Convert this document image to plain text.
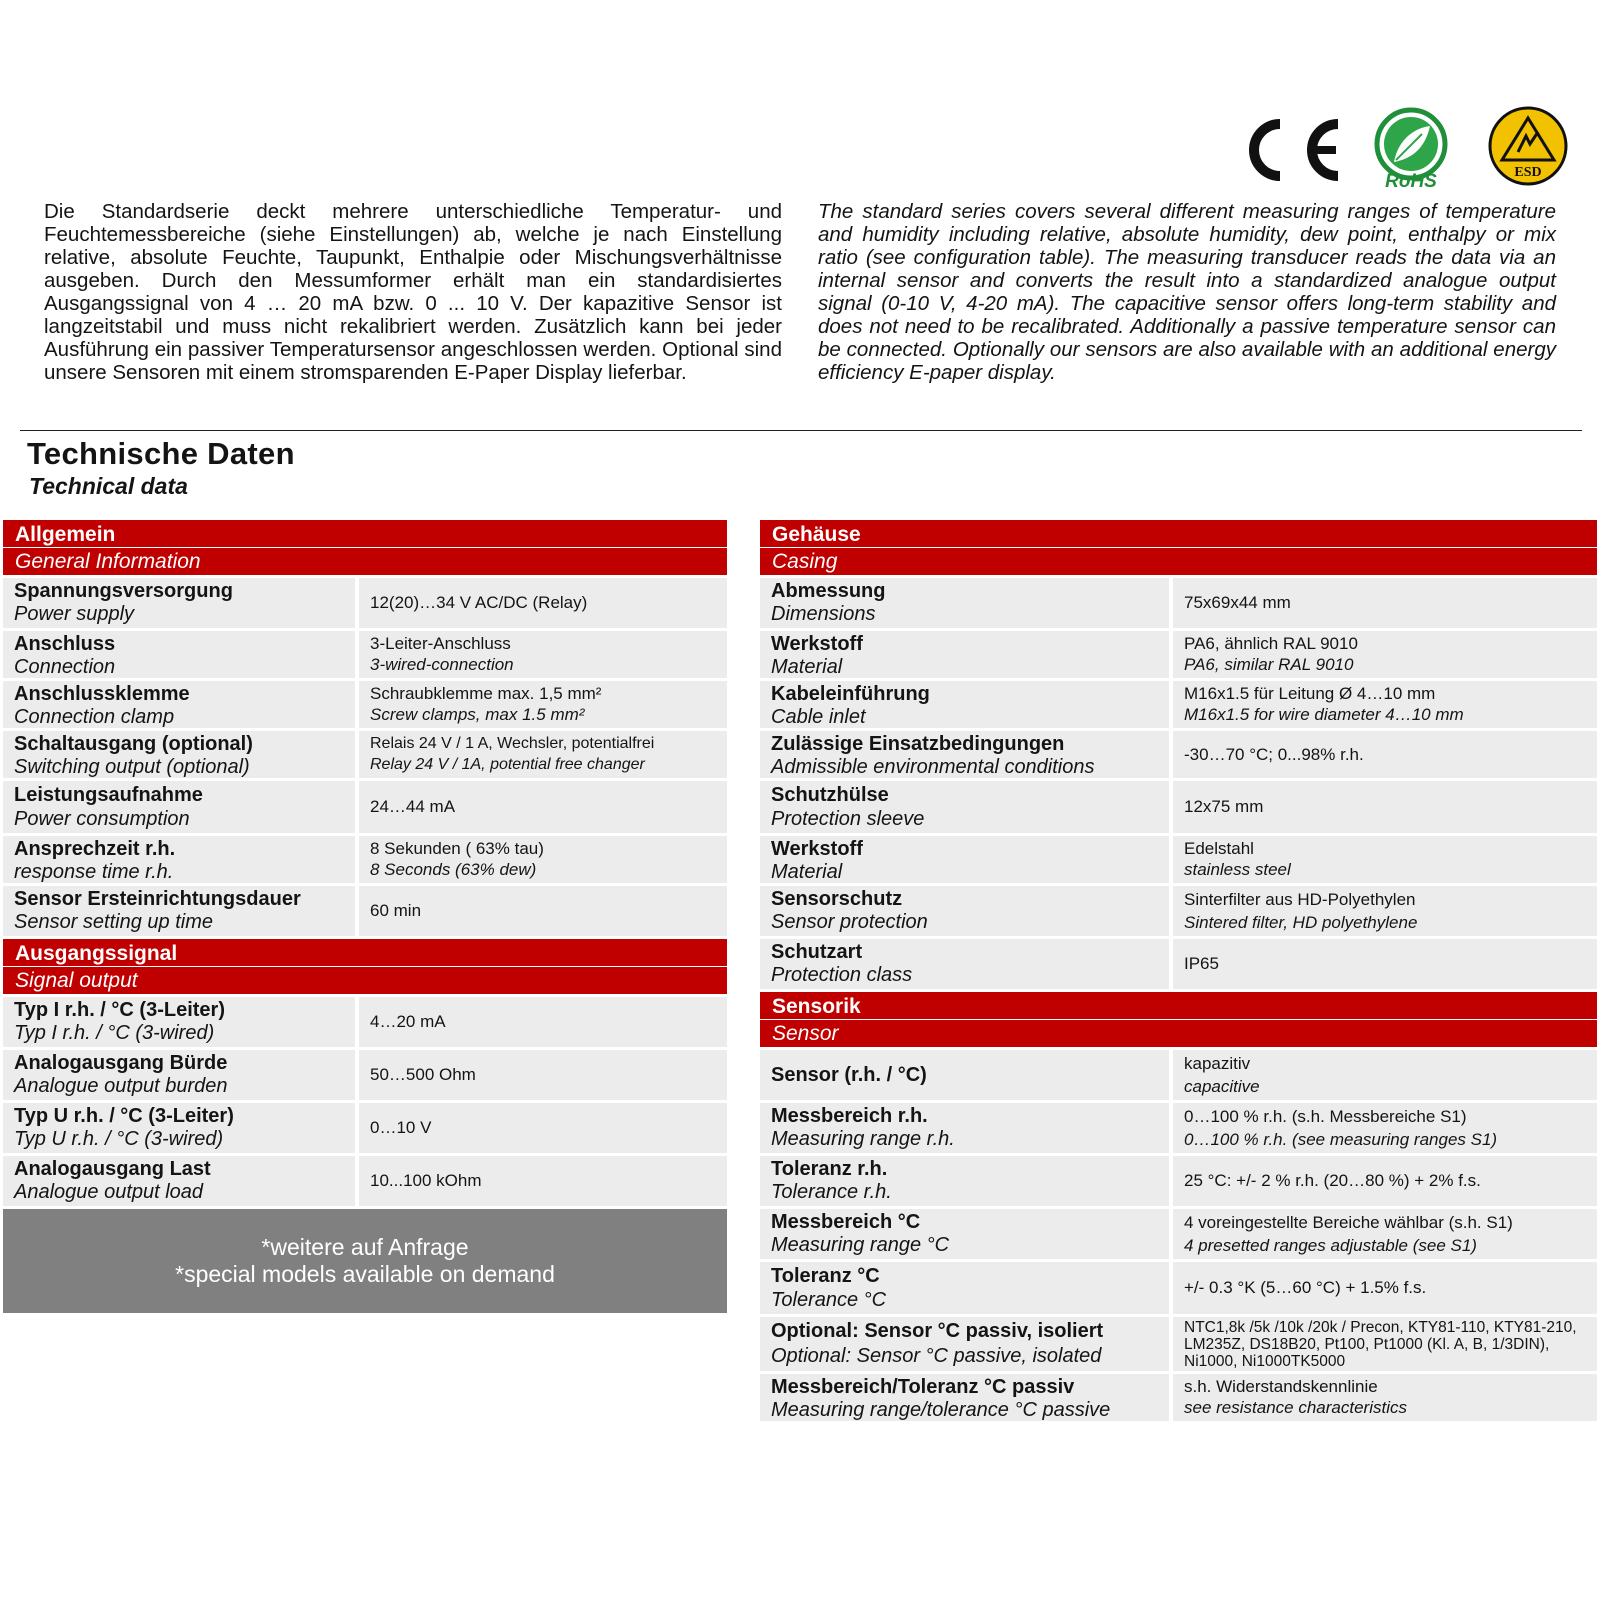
RoHS	ESD
Die Standardserie deckt mehrere unterschiedliche Temperatur- und Feuchtemessbereiche (siehe Einstellungen) ab, welche je nach Einstellung relative, absolute Feuchte, Taupunkt, Enthalpie oder Mischungsverhältnisse ausgeben. Durch den Messumformer erhält man ein standardisiertes Ausgangssignal von 4 … 20 mA bzw. 0 ... 10 V. Der kapazitive Sensor ist langzeitstabil und muss nicht rekalibriert werden. Zusätzlich kann bei jeder Ausführung ein passiver Temperatursensor angeschlossen werden. Optional sind unsere Sensoren mit einem stromsparenden E-Paper Display lieferbar.
The standard series covers several different measuring ranges of temperature and humidity including relative, absolute humidity, dew point, enthalpy or mix ratio (see configuration table). The measuring transducer reads the data via an internal sensor and converts the result into a standardized analogue output signal (0-10 V, 4-20 mA). The capacitive sensor offers long-term stability and does not need to be recalibrated. Additionally a passive temperature sensor can be connected. Optionally our sensors are also available with an additional energy efficiency E-paper display.
Technische Daten
Technical data
Allgemein
General Information
Spannungsversorgung
Power supply
12(20)…34 V AC/DC (Relay)
Anschluss
Connection
3-Leiter-Anschluss
3-wired-connection
Anschlussklemme
Connection clamp
Schraubklemme max. 1,5 mm²
Screw clamps, max 1.5 mm²
Schaltausgang (optional)
Switching output (optional)
Relais 24 V / 1 A, Wechsler, potentialfrei
Relay 24 V / 1A, potential free changer
Leistungsaufnahme
Power consumption
24…44 mA
Ansprechzeit r.h.
response time r.h.
8 Sekunden ( 63% tau)
8 Seconds (63% dew)
Sensor Ersteinrichtungsdauer
Sensor setting up time
60 min
Ausgangssignal
Signal output
Typ I r.h. / °C (3-Leiter)
Typ I r.h. / °C (3-wired)
4…20 mA
Analogausgang Bürde
Analogue output burden
50…500 Ohm
Typ U r.h. / °C (3-Leiter)
Typ U r.h. / °C (3-wired)
0…10 V
Analogausgang Last
Analogue output load
10...100 kOhm
*weitere auf Anfrage
*special models available on demand
Gehäuse
Casing
Abmessung
Dimensions
75x69x44 mm
Werkstoff
Material
PA6, ähnlich RAL 9010
PA6, similar RAL 9010
Kabeleinführung
Cable inlet
M16x1.5 für Leitung Ø 4…10 mm
M16x1.5 for wire diameter 4…10 mm
Zulässige Einsatzbedingungen
Admissible environmental conditions
-30…70 °C; 0...98% r.h.
Schutzhülse
Protection sleeve
12x75 mm
Werkstoff
Material
Edelstahl
stainless steel
Sensorschutz
Sensor protection
Sinterfilter aus HD-Polyethylen
Sintered filter, HD polyethylene
Schutzart
Protection class
IP65
Sensorik
Sensor
Sensor (r.h. / °C)
kapazitiv
capacitive
Messbereich r.h.
Measuring range r.h.
0…100 % r.h. (s.h. Messbereiche S1)
0…100 % r.h. (see measuring ranges S1)
Toleranz r.h.
Tolerance r.h.
25 °C: +/- 2 % r.h. (20…80 %) + 2% f.s.
Messbereich °C
Measuring range °C
4 voreingestellte Bereiche wählbar (s.h. S1)
4 presetted ranges adjustable (see S1)
Toleranz °C
Tolerance °C
+/- 0.3 °K (5…60 °C) + 1.5% f.s.
Optional: Sensor °C passiv, isoliert
Optional: Sensor °C passive, isolated
NTC1,8k /5k /10k /20k / Precon, KTY81-110, KTY81-210, LM235Z, DS18B20, Pt100, Pt1000 (Kl. A, B, 1/3DIN), Ni1000, Ni1000TK5000
Messbereich/Toleranz °C passiv
Measuring range/tolerance °C passive
s.h. Widerstandskennlinie
see resistance characteristics
